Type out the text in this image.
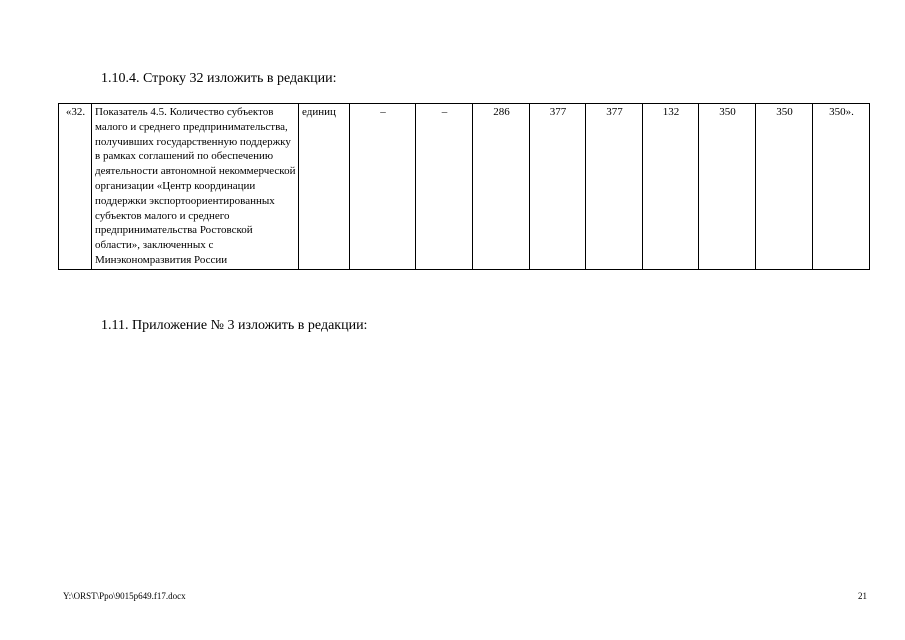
1.10.4. Строку 32 изложить в редакции:
«32.	Показатель 4.5. Количество субъектов малого и среднего предпринимательства, получивших государственную поддержку в рамках соглашений по обеспечению деятельности автономной некоммерческой организации «Центр координации поддержки экспортоориентированных субъектов малого и среднего предпринимательства Ростовской области», заключенных с Минэкономразвития России	единиц	–	–	286	377	377	132	350	350	350».
1.11. Приложение № 3 изложить в редакции:
Y:\ORST\Ppo\9015p649.f17.docx	21
